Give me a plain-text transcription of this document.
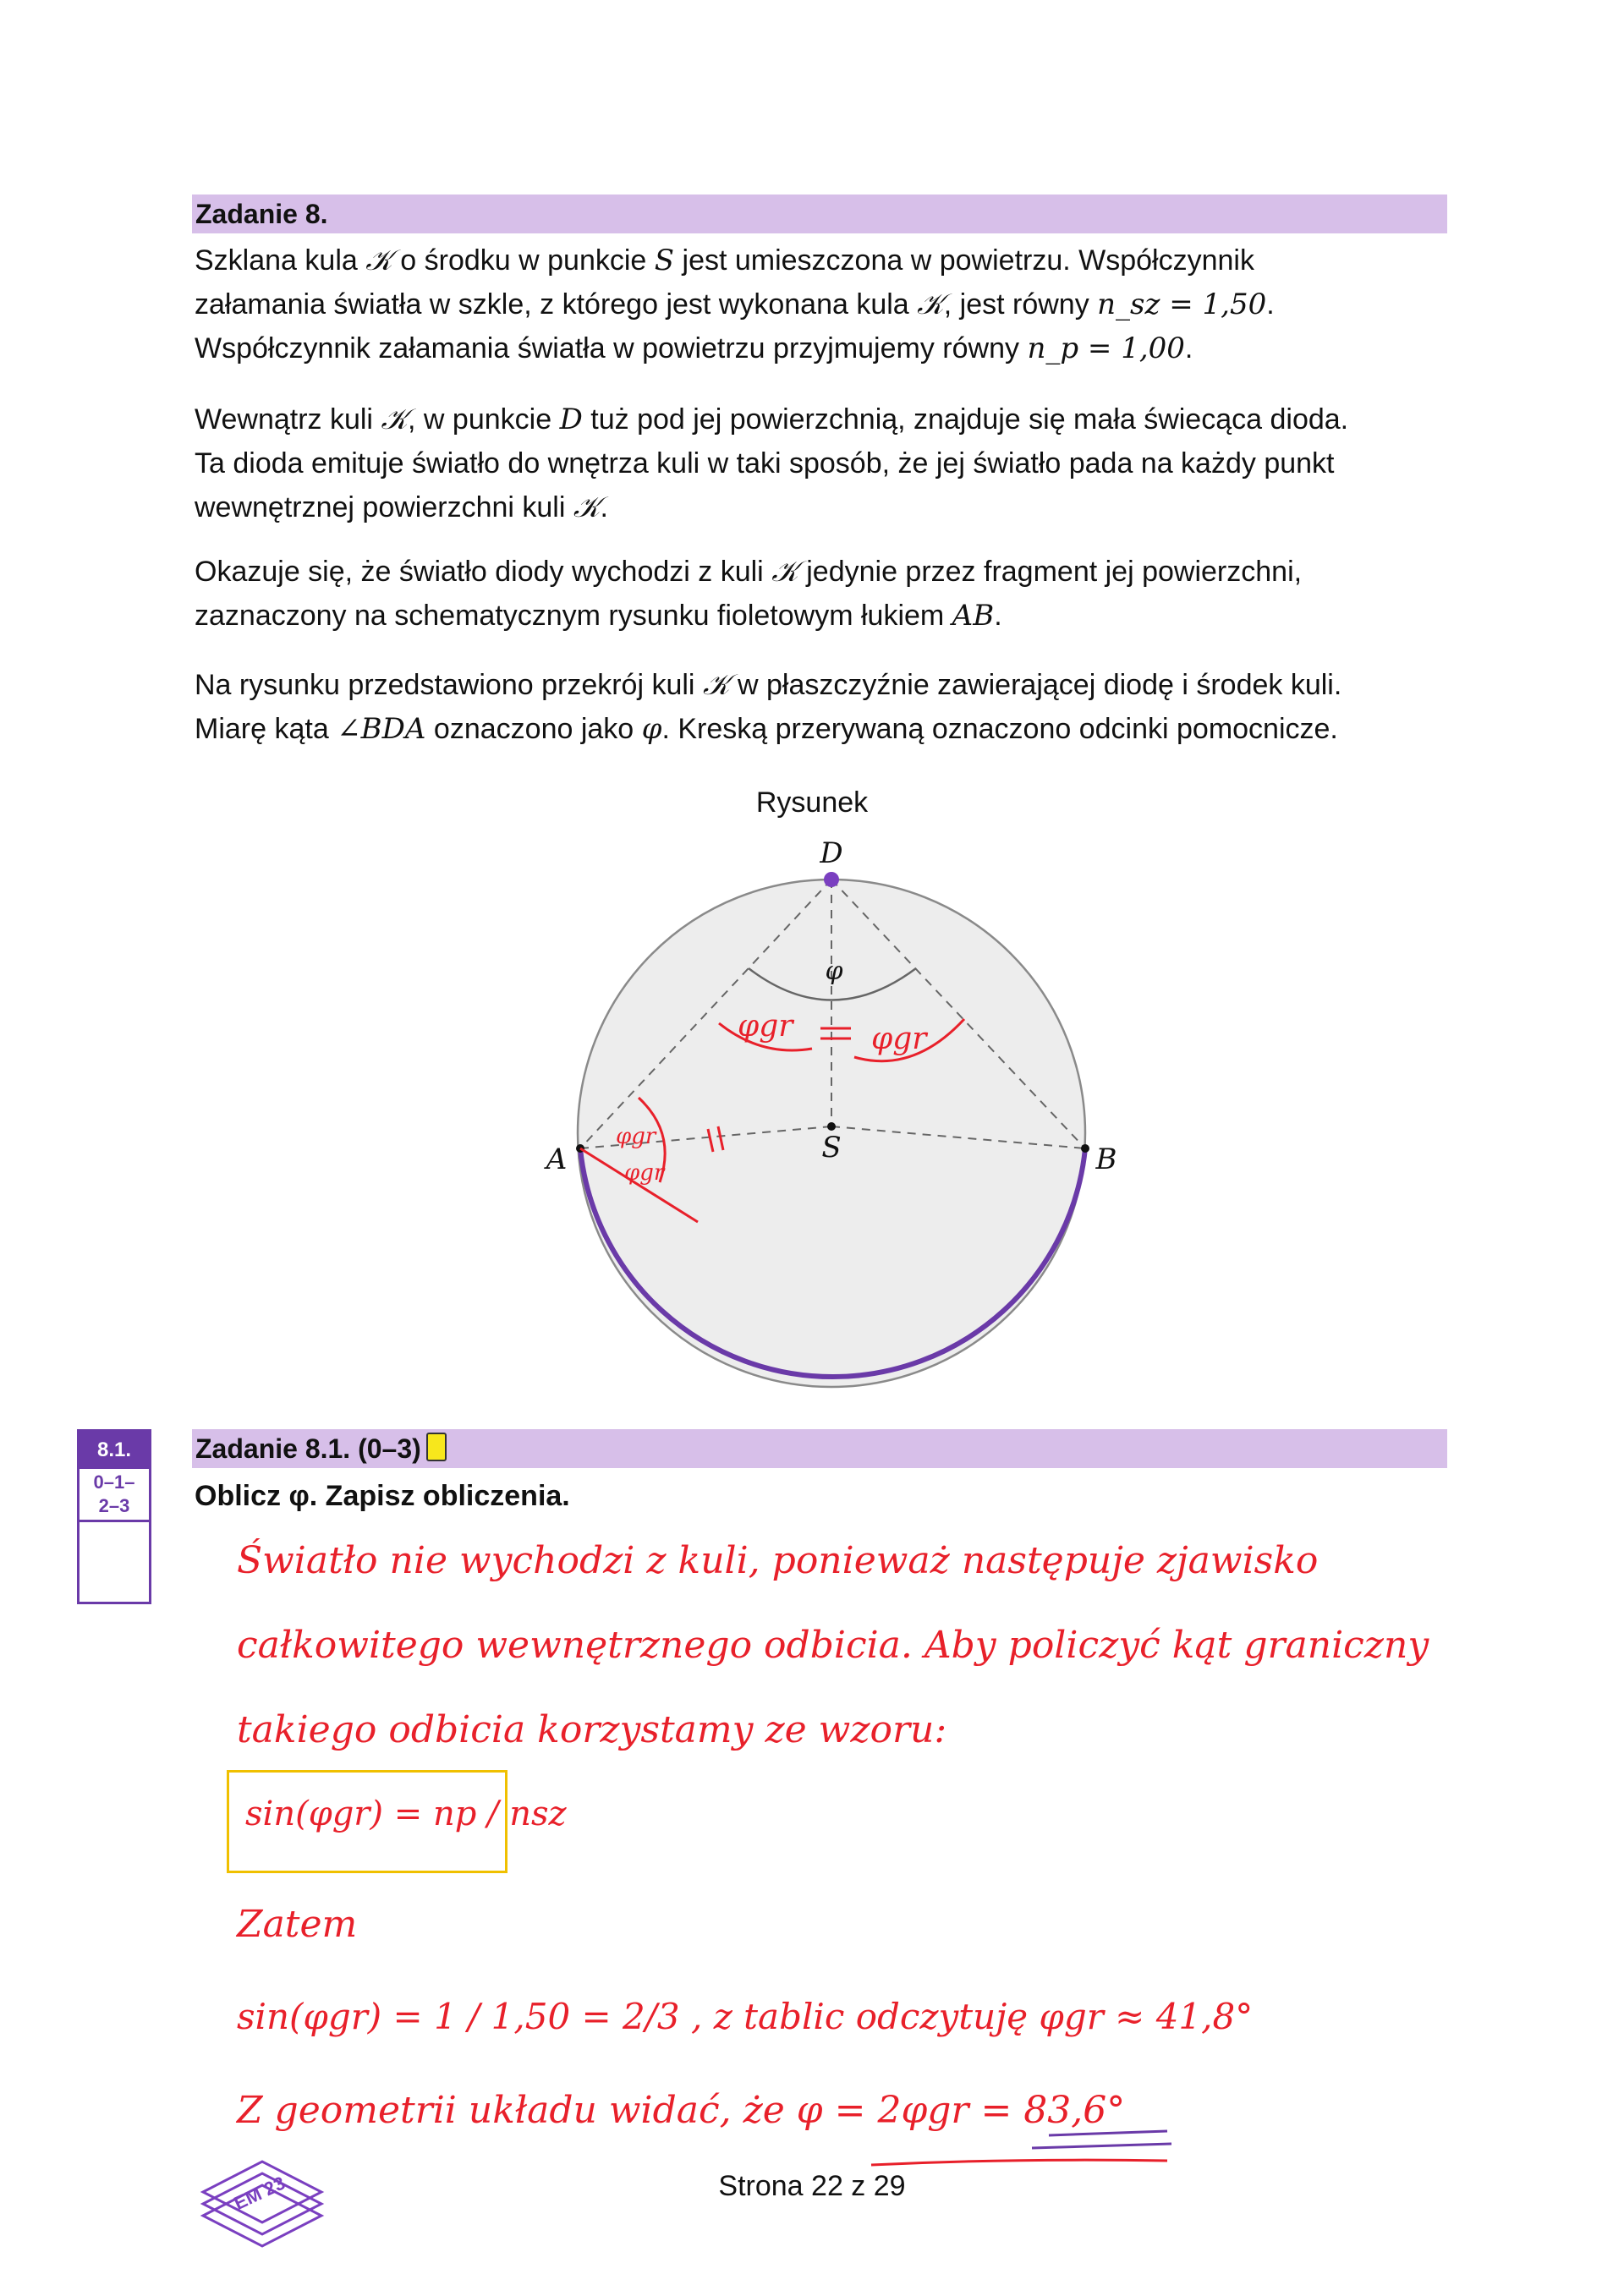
Zadanie 8.

Szklana kula 𝒦 o środku w punkcie S jest umieszczona w powietrzu. Współczynnik

załamania światła w szkle, z którego jest wykonana kula 𝒦, jest równy n_sz = 1,50.

Współczynnik załamania światła w powietrzu przyjmujemy równy n_p = 1,00.

Wewnątrz kuli 𝒦, w punkcie D tuż pod jej powierzchnią, znajduje się mała świecąca dioda.

Ta dioda emituje światło do wnętrza kuli w taki sposób, że jej światło pada na każdy punkt

wewnętrznej powierzchni kuli 𝒦.

Okazuje się, że światło diody wychodzi z kuli 𝒦 jedynie przez fragment jej powierzchni,

zaznaczony na schematycznym rysunku fioletowym łukiem AB.

Na rysunku przedstawiono przekrój kuli 𝒦 w płaszczyźnie zawierającej diodę i środek kuli.

Miarę kąta ∠BDA oznaczono jako φ. Kreską przerywaną oznaczono odcinki pomocnicze.

Rysunek
D
A	B
S
φ
φgr	φgr
φgr
φgr
EM 23
8.1.
0–1–
2–3
Zadanie 8.1. (0–3)
Oblicz φ. Zapisz obliczenia.
Światło nie wychodzi z kuli, ponieważ następuje zjawisko
całkowitego wewnętrznego odbicia. Aby policzyć kąt graniczny
takiego odbicia korzystamy ze wzoru:
sin(φgr) = np / nsz
Zatem
sin(φgr) = 1 / 1,50 = 2/3 , z tablic odczytuję φgr ≈ 41,8°
Z geometrii układu widać, że φ = 2φgr = 83,6°
Strona 22 z 29
